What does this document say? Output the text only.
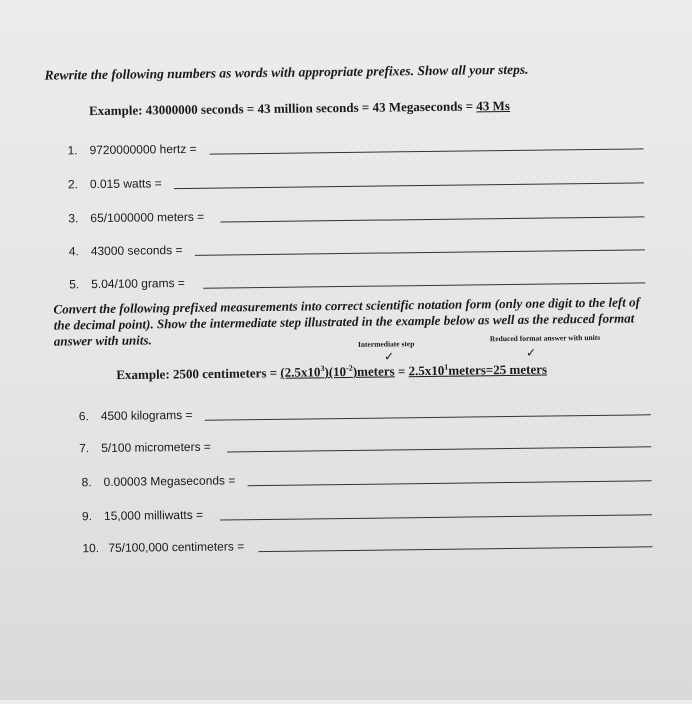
Rewrite the following numbers as words with appropriate prefixes. Show all your steps.
Example: 43000000 seconds = 43 million seconds = 43 Megaseconds = 43 Ms
1. 9720000000 hertz =
2. 0.015 watts =
3. 65/1000000 meters =
4. 43000 seconds =
5. 5.04/100 grams =
Convert the following prefixed measurements into correct scientific notation form (only one digit to the left of the decimal point). Show the intermediate step illustrated in the example below as well as the reduced format answer with units.	Intermediate step
Reduced format answer with units
✓	✓
Example: 2500 centimeters = $(2.5x10^3)(10^{-2})meters$ = $2.5x10^1meters=25$ meters
6. 4500 kilograms =
7. 5/100 micrometers =
8. 0.00003 Megaseconds =
9. 15,000 milliwatts =
10. 75/100,000 centimeters =
